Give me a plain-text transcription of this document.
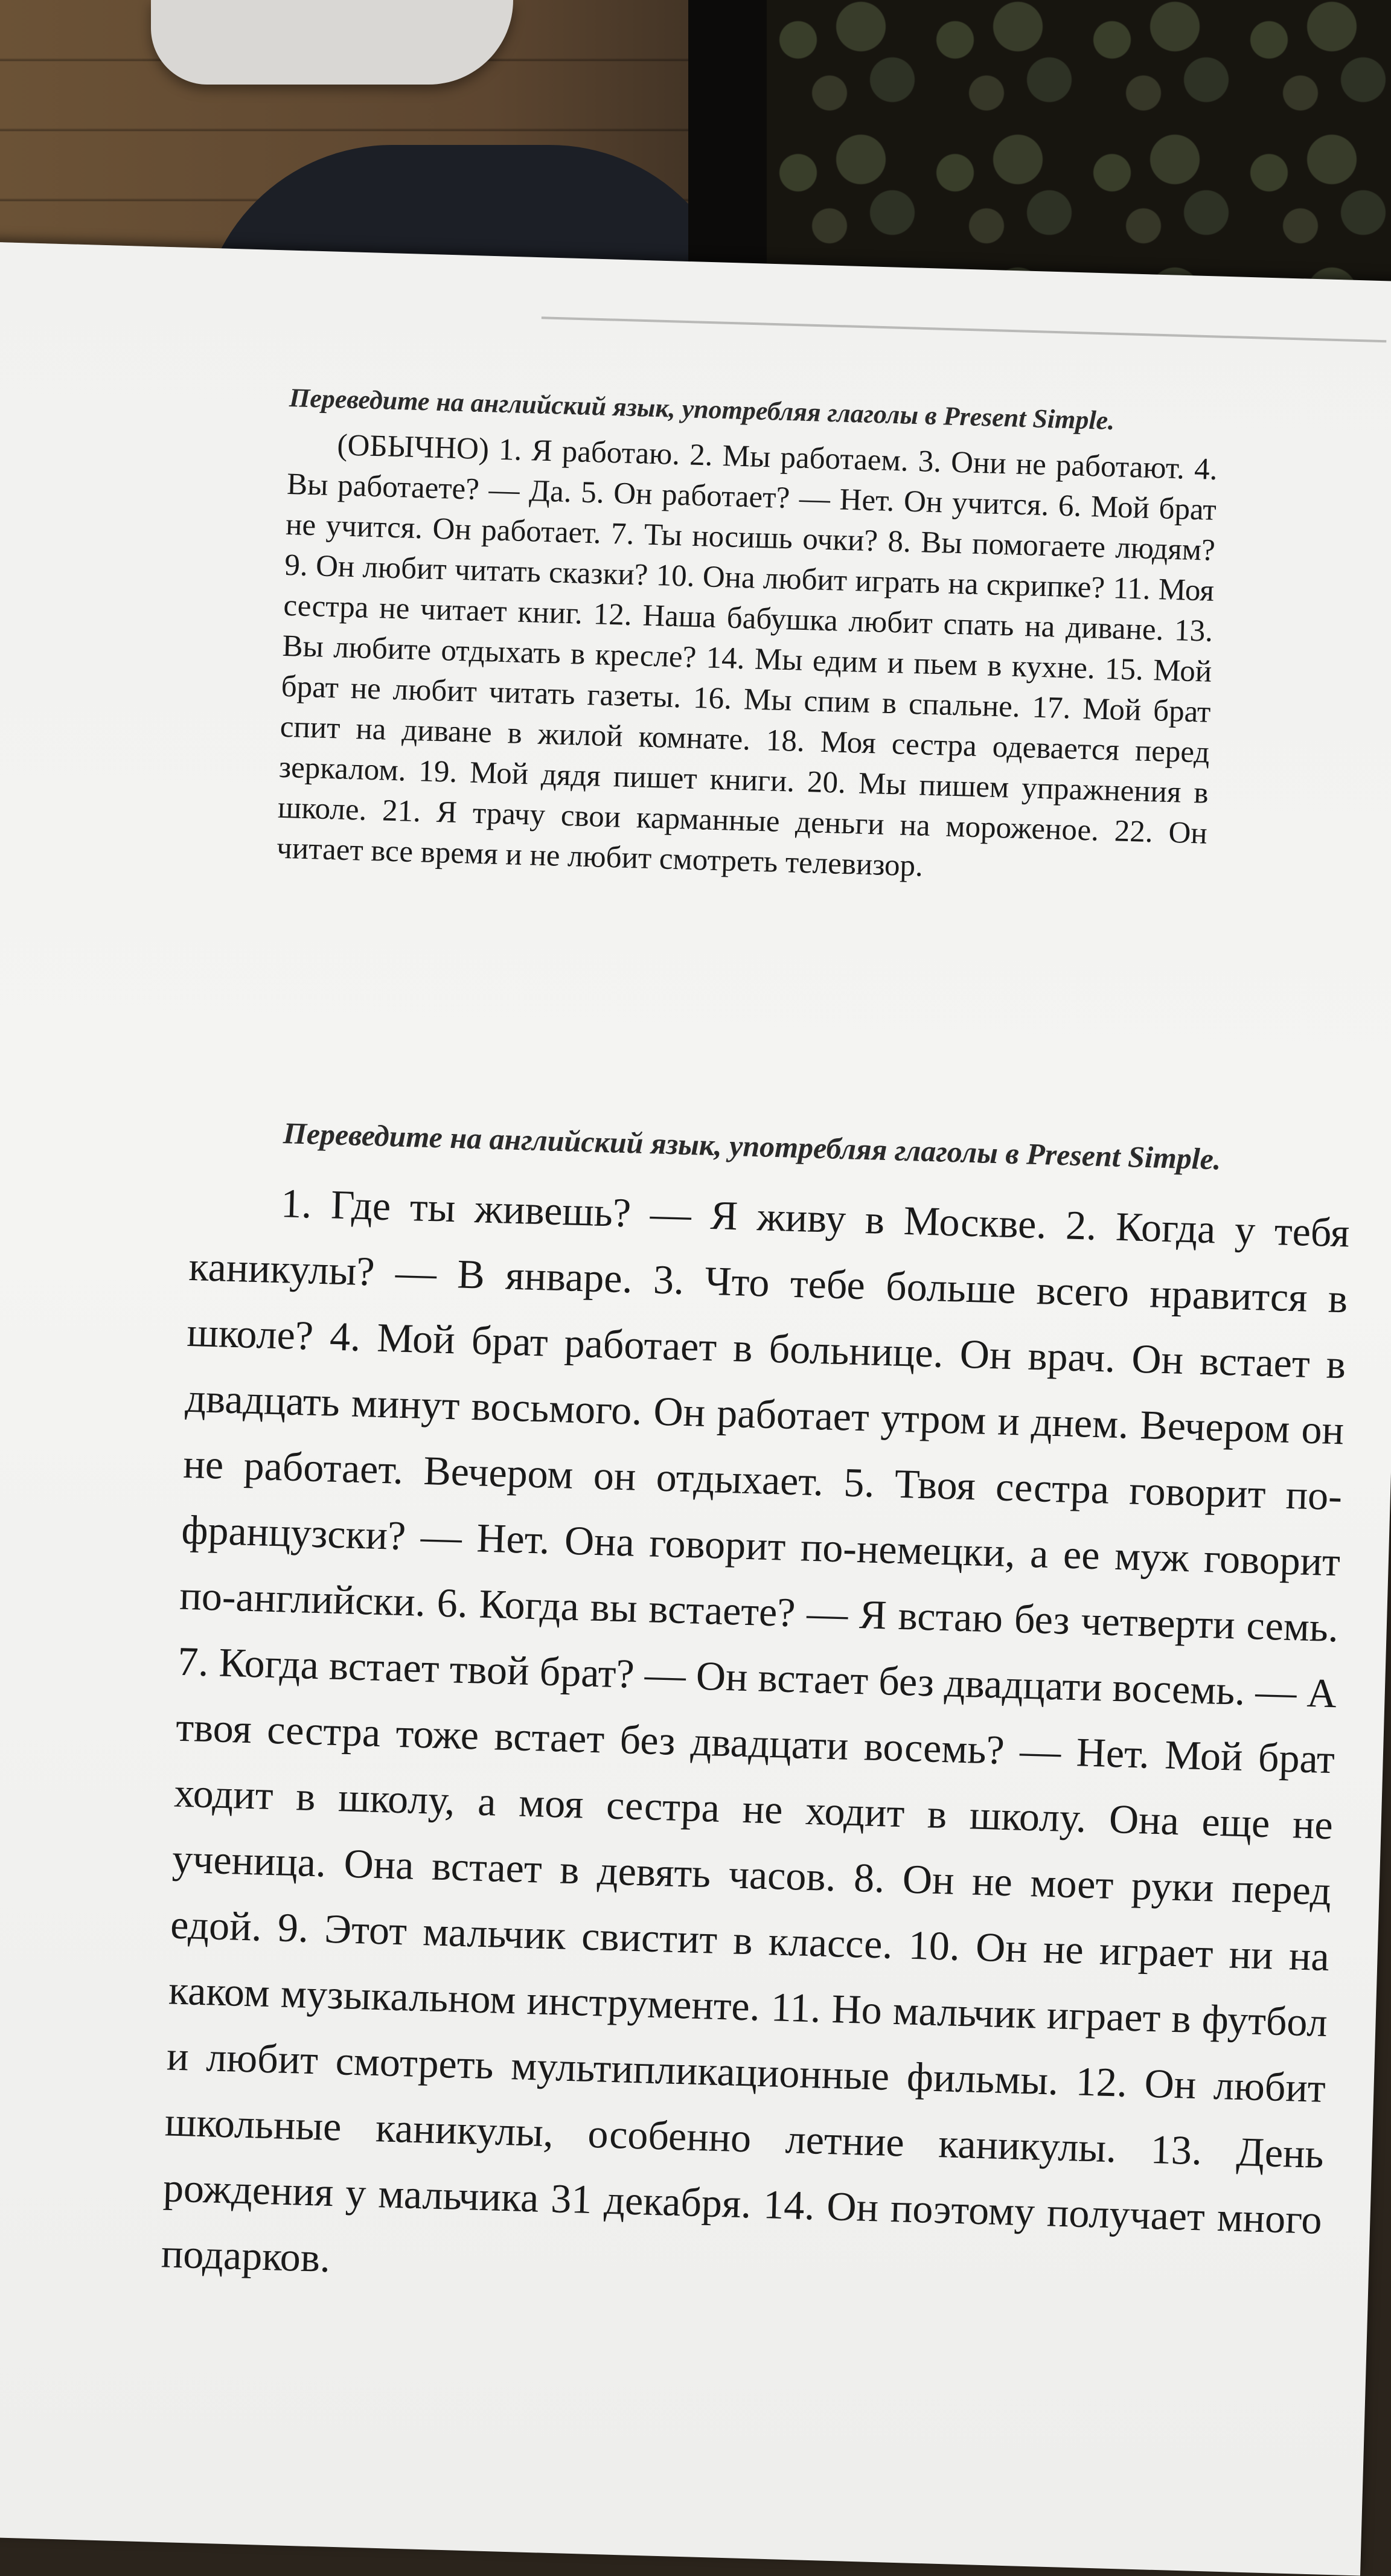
Переведите на английский язык, употребляя глаголы в Present Simple.

(ОБЫЧНО) 1. Я работаю. 2. Мы работаем. 3. Они не работают. 4. Вы работаете? — Да. 5. Он работает? — Нет. Он учится. 6. Мой брат не учится. Он работает. 7. Ты носишь очки? 8. Вы помогаете людям? 9. Он любит читать сказки? 10. Она любит играть на скрипке? 11. Моя сестра не читает книг. 12. Наша бабушка любит спать на диване. 13. Вы любите отдыхать в кресле? 14. Мы едим и пьем в кухне. 15. Мой брат не любит читать газеты. 16. Мы спим в спальне. 17. Мой брат спит на диване в жилой комнате. 18. Моя сестра одевается перед зеркалом. 19. Мой дядя пишет книги. 20. Мы пишем упражнения в школе. 21. Я трачу свои карманные деньги на мороженое. 22. Он читает все время и не любит смотреть телевизор.

Переведите на английский язык, употребляя глаголы в Present Simple.

1. Где ты живешь? — Я живу в Москве. 2. Когда у тебя каникулы? — В январе. 3. Что тебе больше всего нравится в школе? 4. Мой брат работает в больнице. Он врач. Он встает в двадцать минут восьмого. Он работает утром и днем. Вечером он не работает. Вечером он отдыхает. 5. Твоя сестра говорит по-французски? — Нет. Она говорит по-немецки, а ее муж говорит по-английски. 6. Когда вы встаете? — Я встаю без четверти семь. 7. Когда встает твой брат? — Он встает без двадцати восемь. — А твоя сестра тоже встает без двадцати восемь? — Нет. Мой брат ходит в школу, а моя сестра не ходит в школу. Она еще не ученица. Она встает в девять часов. 8. Он не моет руки перед едой. 9. Этот мальчик свистит в классе. 10. Он не играет ни на каком музыкальном инструменте. 11. Но мальчик играет в футбол и любит смотреть мультипликационные фильмы. 12. Он любит школьные каникулы, особенно летние каникулы. 13. День рождения у мальчика 31 декабря. 14. Он поэтому получает много подарков.
